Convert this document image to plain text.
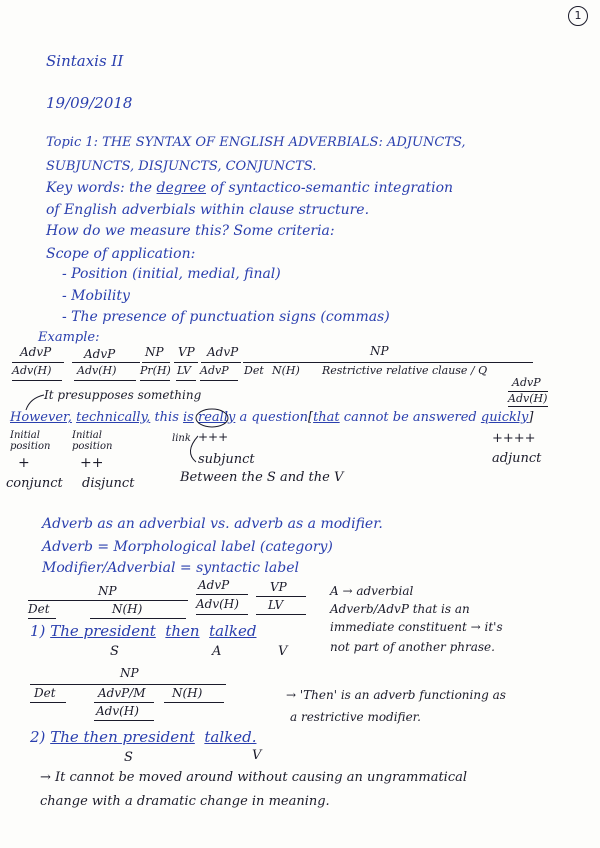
1
Sintaxis II
19/09/2018
Topic 1: THE SYNTAX OF ENGLISH ADVERBIALS: ADJUNCTS,
SUBJUNCTS, DISJUNCTS, CONJUNCTS.
Key words: the degree of syntactico-semantic integration
of English adverbials within clause structure.
How do we measure this? Some criteria:
Scope of application:
- Position (initial, medial, final)
- Mobility
- The presence of punctuation signs (commas)
Example:
AdvP	AdvP NP VP AdvP	NP
Adv(H) Adv(H) Pr(H) LV AdvP Det N(H) Restrictive relative clause / Q
AdvP
Adv(H)
It presupposes something
However, technically, this is really a question[that cannot be answered quickly]
Initial
position
Initial
position
+	++
link +++	++++
conjunct disjunct
subjunct
Between the S and the V
adjunct
Adverb as an adverbial vs. adverb as a modifier.
Adverb = Morphological label (category)
Modifier/Adverbial = syntactic label
NP	AdvP	VP
Det	N(H)	Adv(H) LV
1) The president then talked
S	A	V
A → adverbial
Adverb/AdvP that is an
immediate constituent → it's
not part of another phrase.
NP
Det	AdvP/M N(H)
Adv(H)
→ 'Then' is an adverb functioning as
a restrictive modifier.
2) The then president talked.
S	V
→ It cannot be moved around without causing an ungrammatical
change with a dramatic change in meaning.
